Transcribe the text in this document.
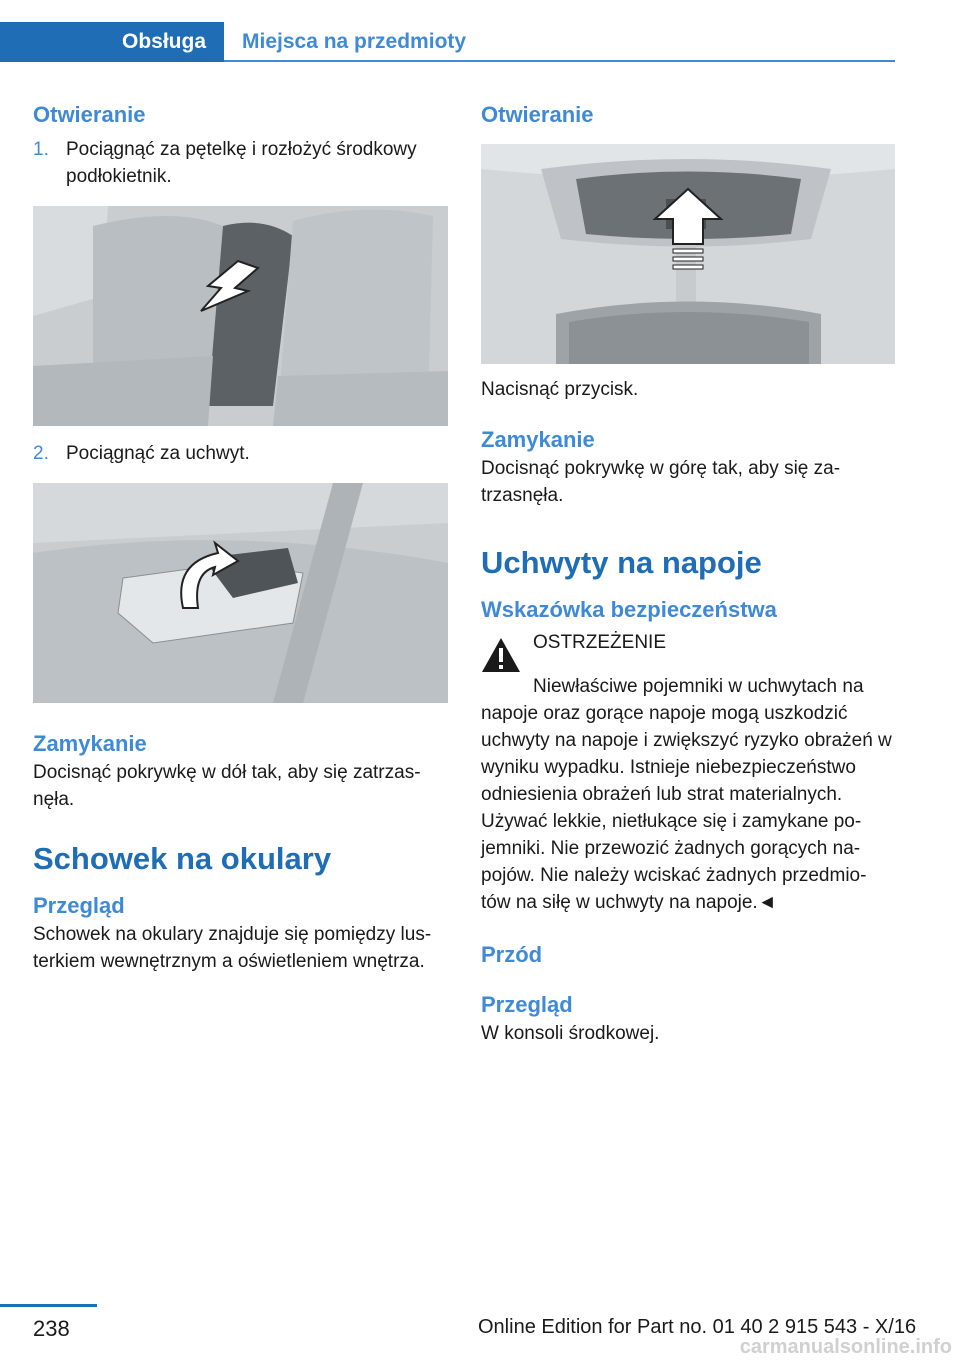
Obsługa	Miejsca na przedmioty
Otwieranie
1. Pociągnąć za pętelkę i rozłożyć środkowy podłokietnik.
2. Pociągnąć za uchwyt.
Zamykanie

Docisnąć pokrywkę w dół tak, aby się zatrzas-nęła.

Schowek na okulary
Przegląd

Schowek na okulary znajduje się pomiędzy lus-terkiem wewnętrznym a oświetleniem wnętrza.

Otwieranie

Nacisnąć przycisk.

Zamykanie

Docisnąć pokrywkę w górę tak, aby się za-trzasnęła.

Uchwyty na napoje
Wskazówka bezpieczeństwa

OSTRZEŻENIE

Niewłaściwe pojemniki w uchwytach na napoje oraz gorące napoje mogą uszkodzić uchwyty na napoje i zwiększyć ryzyko obrażeń w wyniku wypadku. Istnieje niebezpieczeństwo odniesienia obrażeń lub strat materialnych.

Używać lekkie, nietłukące się i zamykane po-jemniki. Nie przewozić żadnych gorących na-pojów. Nie należy wciskać żadnych przedmio-tów na siłę w uchwyty na napoje.◄

Przód
Przegląd

W konsoli środkowej.

238	Online Edition for Part no. 01 40 2 915 543 - X/16
carmanualsonline.info
